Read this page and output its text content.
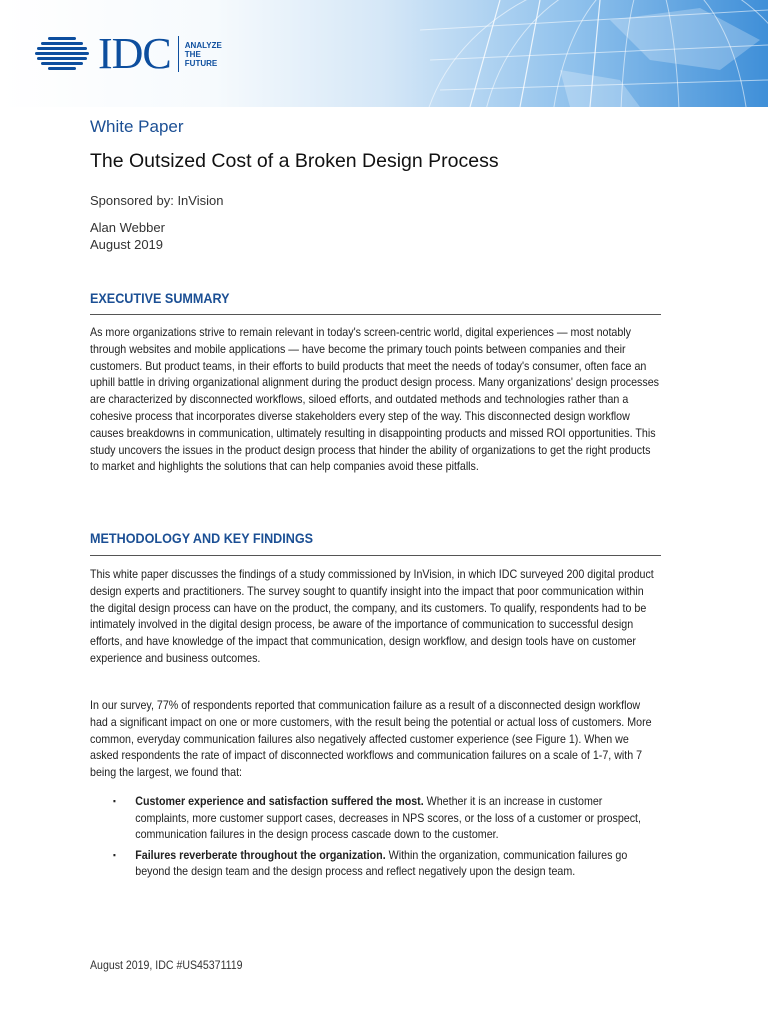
IDC ANALYZE
THE
FUTURE
White Paper
The Outsized Cost of a Broken Design Process
Sponsored by: InVision
Alan Webber
August 2019
EXECUTIVE SUMMARY

As more organizations strive to remain relevant in today's screen-centric world, digital experiences — most notably through websites and mobile applications — have become the primary touch points between companies and their customers. But product teams, in their efforts to build products that meet the needs of today's consumer, often face an uphill battle in driving organizational alignment during the product design process. Many organizations' design processes are characterized by disconnected workflows, siloed efforts, and outdated methods and technologies rather than a cohesive process that incorporates diverse stakeholders every step of the way. This disconnected design workflow causes breakdowns in communication, ultimately resulting in disappointing products and missed ROI opportunities. This study uncovers the issues in the product design process that hinder the ability of organizations to get the right products to market and highlights the solutions that can help companies avoid these pitfalls.

METHODOLOGY AND KEY FINDINGS

This white paper discusses the findings of a study commissioned by InVision, in which IDC surveyed 200 digital product design experts and practitioners. The survey sought to quantify insight into the impact that poor communication within the digital design process can have on the product, the company, and its customers. To qualify, respondents had to be intimately involved in the digital design process, be aware of the importance of communication to successful design efforts, and have knowledge of the impact that communication, design workflow, and design tools have on customer experience and business outcomes.

In our survey, 77% of respondents reported that communication failure as a result of a disconnected design workflow had a significant impact on one or more customers, with the result being the potential or actual loss of customers. More common, everyday communication failures also negatively affected customer experience (see Figure 1). When we asked respondents the rate of impact of disconnected workflows and communication failures on a scale of 1-7, with 7 being the largest, we found that:

▪ Customer experience and satisfaction suffered the most. Whether it is an increase in customer complaints, more customer support cases, decreases in NPS scores, or the loss of a customer or prospect, communication failures in the design process cascade down to the customer.
▪ Failures reverberate throughout the organization. Within the organization, communication failures go beyond the design team and the design process and reflect negatively upon the design team.
August 2019, IDC #US45371119
